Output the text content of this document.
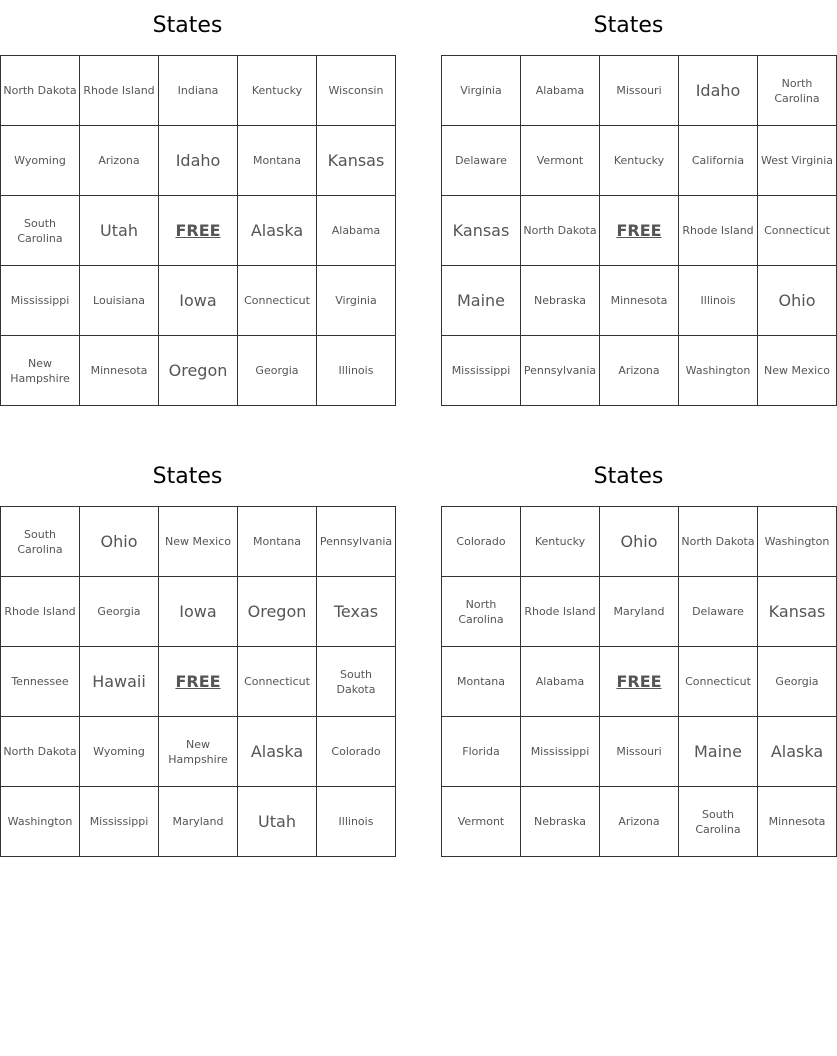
States
North Dakota	Rhode Island	Indiana	Kentucky	Wisconsin
Wyoming	Arizona	Idaho	Montana	Kansas
South Carolina	Utah	FREE	Alaska	Alabama
Mississippi	Louisiana	Iowa	Connecticut	Virginia
New Hampshire	Minnesota	Oregon	Georgia	Illinois
States
Virginia	Alabama	Missouri	Idaho	North Carolina
Delaware	Vermont	Kentucky	California	West Virginia
Kansas	North Dakota	FREE	Rhode Island	Connecticut
Maine	Nebraska	Minnesota	Illinois	Ohio
Mississippi	Pennsylvania	Arizona	Washington	New Mexico
States
South Carolina	Ohio	New Mexico	Montana	Pennsylvania
Rhode Island	Georgia	Iowa	Oregon	Texas
Tennessee	Hawaii	FREE	Connecticut	South Dakota
North Dakota	Wyoming	New Hampshire	Alaska	Colorado
Washington	Mississippi	Maryland	Utah	Illinois
States
Colorado	Kentucky	Ohio	North Dakota	Washington
North Carolina	Rhode Island	Maryland	Delaware	Kansas
Montana	Alabama	FREE	Connecticut	Georgia
Florida	Mississippi	Missouri	Maine	Alaska
Vermont	Nebraska	Arizona	South Carolina	Minnesota
